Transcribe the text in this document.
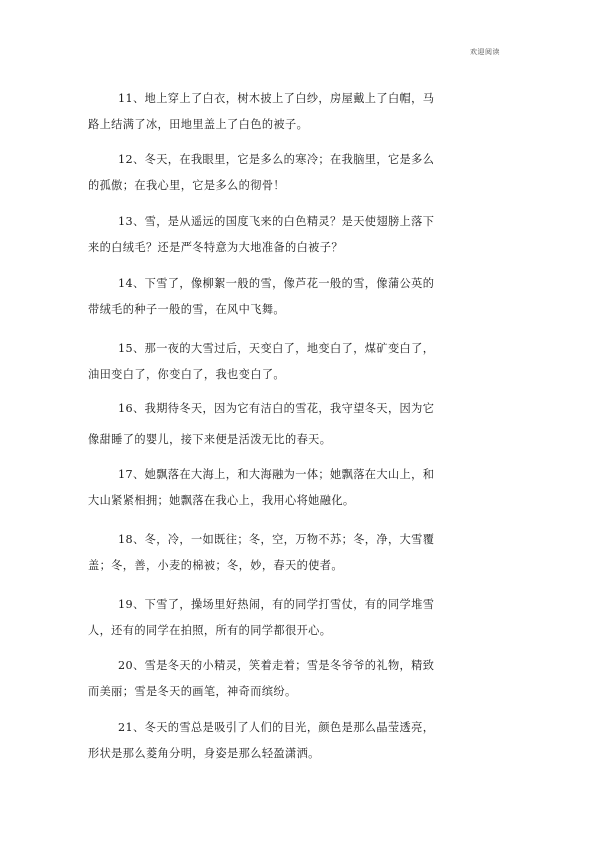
欢迎阅读

11、地上穿上了白衣，树木披上了白纱，房屋戴上了白帽，马
路上结满了冰，田地里盖上了白色的被子。

12、冬天，在我眼里，它是多么的寒冷；在我脑里，它是多么
的孤傲；在我心里，它是多么的彻骨！

13、雪，是从遥远的国度飞来的白色精灵？是天使翅膀上落下
来的白绒毛？还是严冬特意为大地准备的白被子？

14、下雪了，像柳絮一般的雪，像芦花一般的雪，像蒲公英的
带绒毛的种子一般的雪，在风中飞舞。

15、那一夜的大雪过后，天变白了，地变白了，煤矿变白了，
油田变白了，你变白了，我也变白了。

16、我期待冬天，因为它有洁白的雪花，我守望冬天，因为它
像甜睡了的婴儿，接下来便是活泼无比的春天。

17、她飘落在大海上，和大海融为一体；她飘落在大山上，和
大山紧紧相拥；她飘落在我心上，我用心将她融化。

18、冬，冷，一如既往；冬，空，万物不苏；冬，净，大雪覆
盖；冬，善，小麦的棉被；冬，妙，春天的使者。

19、下雪了，操场里好热闹，有的同学打雪仗，有的同学堆雪
人，还有的同学在拍照，所有的同学都很开心。

20、雪是冬天的小精灵，笑着走着；雪是冬爷爷的礼物，精致
而美丽；雪是冬天的画笔，神奇而缤纷。

21、冬天的雪总是吸引了人们的目光，颜色是那么晶莹透亮，
形状是那么菱角分明，身姿是那么轻盈潇洒。
